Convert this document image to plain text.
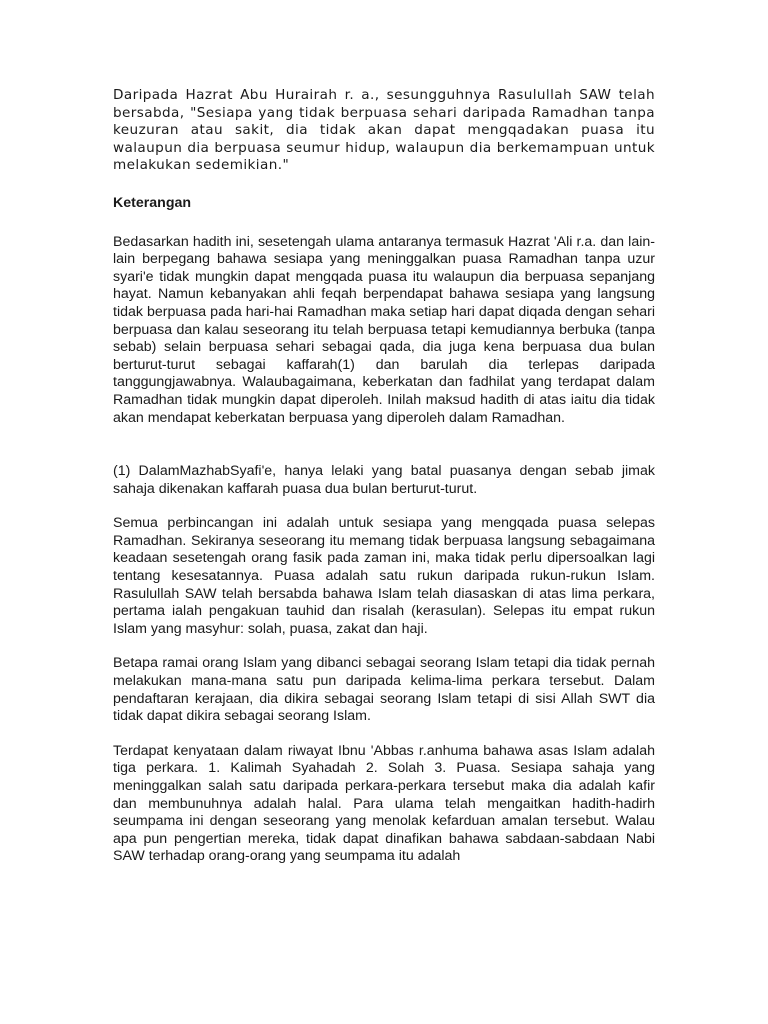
Daripada Hazrat Abu Hurairah r. a., sesungguhnya Rasulullah SAW telah bersabda, "Sesiapa yang tidak berpuasa sehari daripada Ramadhan tanpa keuzuran atau sakit, dia tidak akan dapat mengqadakan puasa itu walaupun dia berpuasa seumur hidup, walaupun dia berkemampuan untuk melakukan sedemikian."

Keterangan

Bedasarkan hadith ini, sesetengah ulama antaranya termasuk Hazrat 'Ali r.a. dan lain-lain berpegang bahawa sesiapa yang meninggalkan puasa Ramadhan tanpa uzur syari'e tidak mungkin dapat mengqada puasa itu walaupun dia berpuasa sepanjang hayat. Namun kebanyakan ahli feqah berpendapat bahawa sesiapa yang langsung tidak berpuasa pada hari-hai Ramadhan maka setiap hari dapat diqada dengan sehari berpuasa dan kalau seseorang itu telah berpuasa tetapi kemudiannya berbuka (tanpa sebab) selain berpuasa sehari sebagai qada, dia juga kena berpuasa dua bulan berturut-turut sebagai kaffarah(1) dan barulah dia terlepas daripada tanggungjawabnya. Walaubagaimana, keberkatan dan fadhilat yang terdapat dalam Ramadhan tidak mungkin dapat diperoleh. Inilah maksud hadith di atas iaitu dia tidak akan mendapat keberkatan berpuasa yang diperoleh dalam Ramadhan.

(1) DalamMazhabSyafi'e, hanya lelaki yang batal puasanya dengan sebab jimak sahaja dikenakan kaffarah puasa dua bulan berturut-turut.

Semua perbincangan ini adalah untuk sesiapa yang mengqada puasa selepas Ramadhan. Sekiranya seseorang itu memang tidak berpuasa langsung sebagaimana keadaan sesetengah orang fasik pada zaman ini, maka tidak perlu dipersoalkan lagi tentang kesesatannya. Puasa adalah satu rukun daripada rukun-rukun Islam. Rasulullah SAW telah bersabda bahawa Islam telah diasaskan di atas lima perkara, pertama ialah pengakuan tauhid dan risalah (kerasulan). Selepas itu empat rukun Islam yang masyhur: solah, puasa, zakat dan haji.

Betapa ramai orang Islam yang dibanci sebagai seorang Islam tetapi dia tidak pernah melakukan mana-mana satu pun daripada kelima-lima perkara tersebut. Dalam pendaftaran kerajaan, dia dikira sebagai seorang Islam tetapi di sisi Allah SWT dia tidak dapat dikira sebagai seorang Islam.

Terdapat kenyataan dalam riwayat Ibnu 'Abbas r.anhuma bahawa asas Islam adalah tiga perkara. 1. Kalimah Syahadah 2. Solah 3. Puasa. Sesiapa sahaja yang meninggalkan salah satu daripada perkara-perkara tersebut maka dia adalah kafir dan membunuhnya adalah halal. Para ulama telah mengaitkan hadith-hadirh seumpama ini dengan seseorang yang menolak kefarduan amalan tersebut. Walau apa pun pengertian mereka, tidak dapat dinafikan bahawa sabdaan-sabdaan Nabi SAW terhadap orang-orang yang seumpama itu adalah
